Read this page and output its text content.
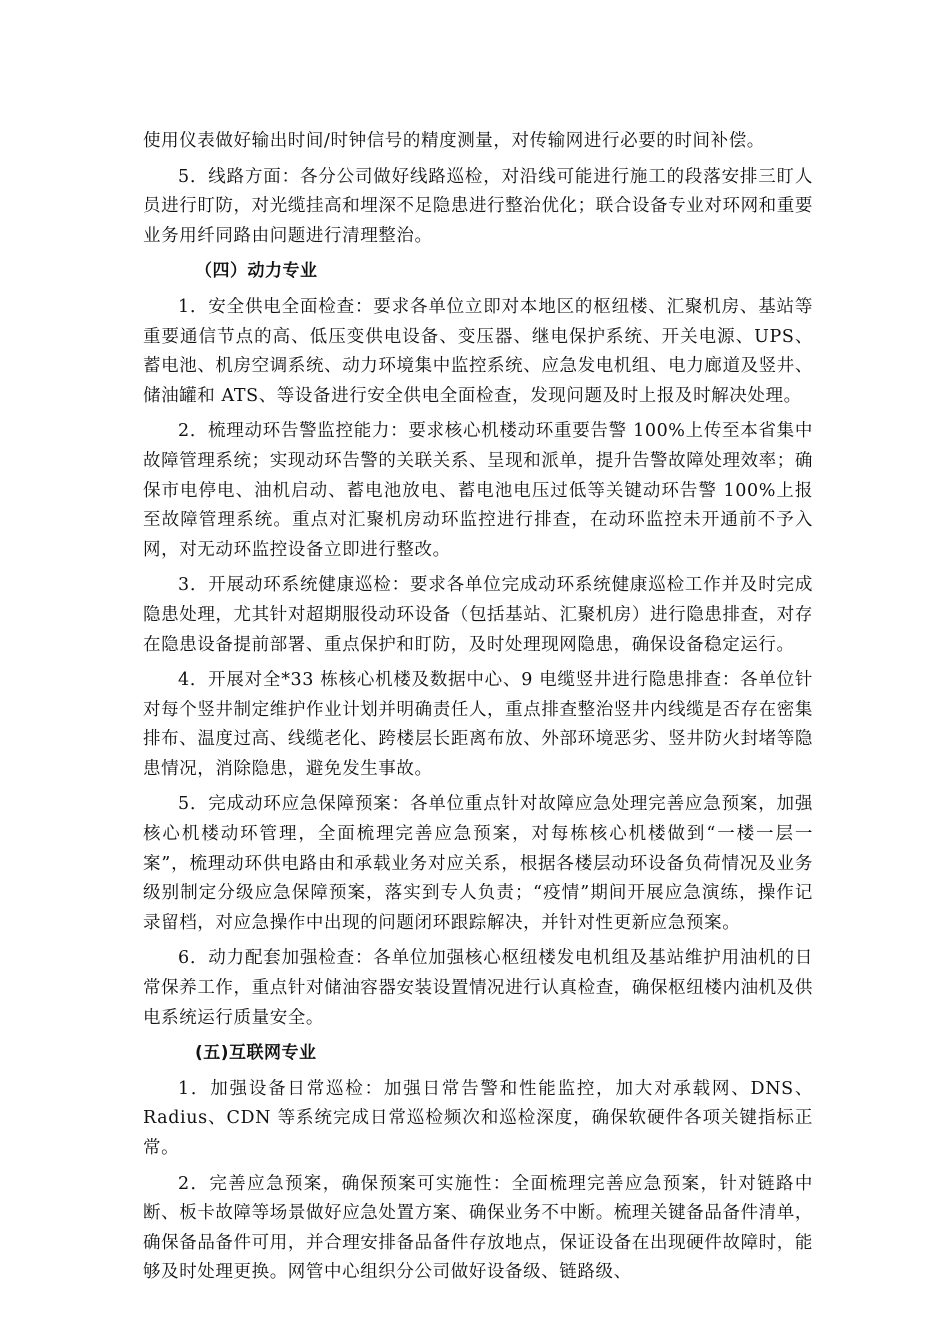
使用仪表做好输出时间/时钟信号的精度测量，对传输网进行必要的时间补偿。

5．线路方面：各分公司做好线路巡检，对沿线可能进行施工的段落安排三盯人员进行盯防，对光缆挂高和埋深不足隐患进行整治优化；联合设备专业对环网和重要业务用纤同路由问题进行清理整治。

（四）动力专业

1．安全供电全面检查：要求各单位立即对本地区的枢纽楼、汇聚机房、基站等重要通信节点的高、低压变供电设备、变压器、继电保护系统、开关电源、UPS、蓄电池、机房空调系统、动力环境集中监控系统、应急发电机组、电力廊道及竖井、储油罐和 ATS、等设备进行安全供电全面检查，发现问题及时上报及时解决处理。

2．梳理动环告警监控能力：要求核心机楼动环重要告警 100%上传至本省集中故障管理系统；实现动环告警的关联关系、呈现和派单，提升告警故障处理效率；确保市电停电、油机启动、蓄电池放电、蓄电池电压过低等关键动环告警 100%上报至故障管理系统。重点对汇聚机房动环监控进行排查，在动环监控未开通前不予入网，对无动环监控设备立即进行整改。

3．开展动环系统健康巡检：要求各单位完成动环系统健康巡检工作并及时完成隐患处理，尤其针对超期服役动环设备（包括基站、汇聚机房）进行隐患排查，对存在隐患设备提前部署、重点保护和盯防，及时处理现网隐患，确保设备稳定运行。

4．开展对全*33 栋核心机楼及数据中心、9 电缆竖井进行隐患排查：各单位针对每个竖井制定维护作业计划并明确责任人，重点排查整治竖井内线缆是否存在密集排布、温度过高、线缆老化、跨楼层长距离布放、外部环境恶劣、竖井防火封堵等隐患情况，消除隐患，避免发生事故。

5．完成动环应急保障预案：各单位重点针对故障应急处理完善应急预案，加强核心机楼动环管理，全面梳理完善应急预案，对每栋核心机楼做到“一楼一层一案”，梳理动环供电路由和承载业务对应关系，根据各楼层动环设备负荷情况及业务级别制定分级应急保障预案，落实到专人负责；“疫情”期间开展应急演练，操作记录留档，对应急操作中出现的问题闭环跟踪解决，并针对性更新应急预案。

6．动力配套加强检查：各单位加强核心枢纽楼发电机组及基站维护用油机的日常保养工作，重点针对储油容器安装设置情况进行认真检查，确保枢纽楼内油机及供电系统运行质量安全。

(五)互联网专业

1．加强设备日常巡检：加强日常告警和性能监控，加大对承载网、DNS、Radius、CDN 等系统完成日常巡检频次和巡检深度，确保软硬件各项关键指标正常。

2．完善应急预案，确保预案可实施性：全面梳理完善应急预案，针对链路中断、板卡故障等场景做好应急处置方案、确保业务不中断。梳理关键备品备件清单，确保备品备件可用，并合理安排备品备件存放地点，保证设备在出现硬件故障时，能够及时处理更换。网管中心组织分公司做好设备级、链路级、
